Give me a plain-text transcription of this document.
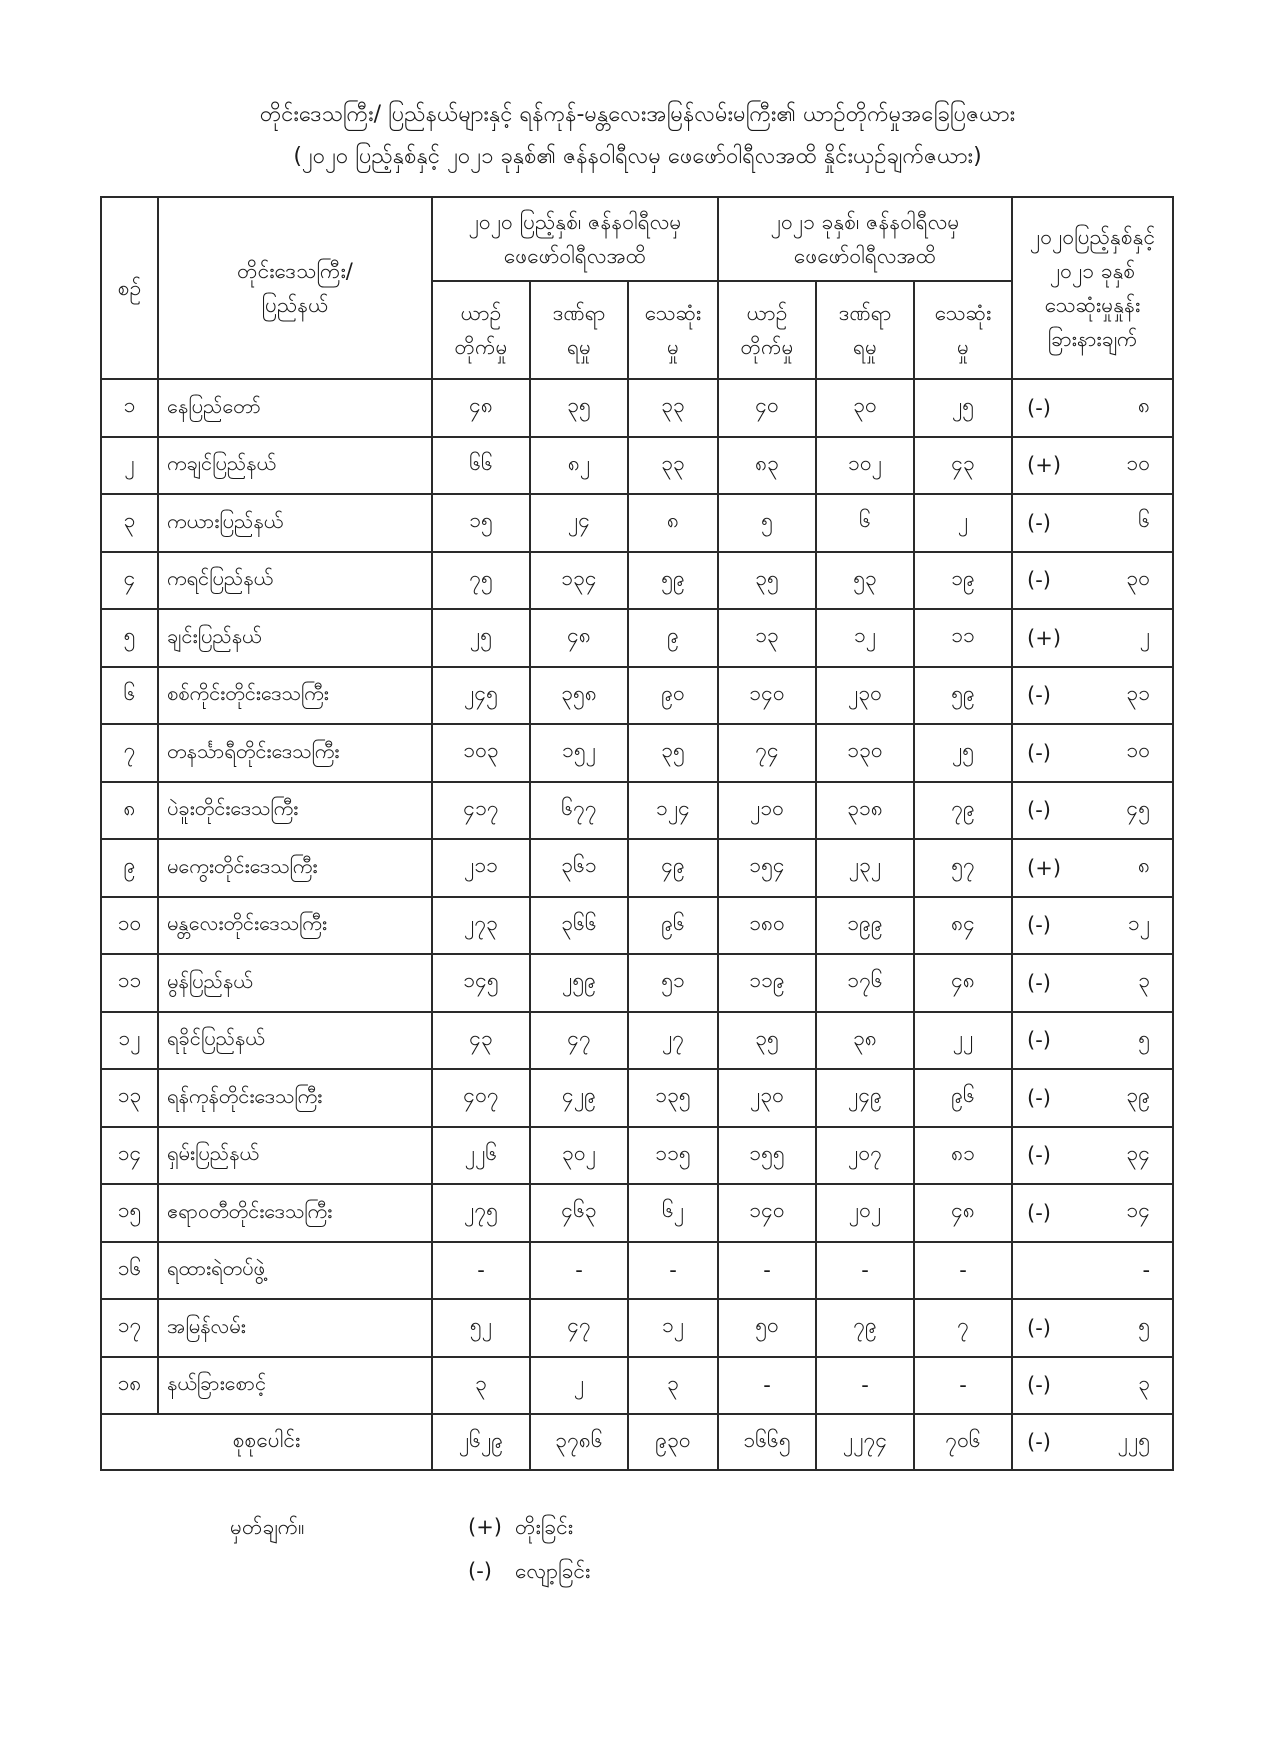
တိုင်းဒေသကြီး/ ပြည်နယ်များနှင့် ရန်ကုန်-မန္တလေးအမြန်လမ်းမကြီး၏ ယာဉ်တိုက်မှုအခြေပြဇယား
(၂၀၂၀ ပြည့်နှစ်နှင့် ၂၀၂၁ ခုနှစ်၏ ဇန်နဝါရီလမှ ဖေဖော်ဝါရီလအထိ နှိုင်းယှဉ်ချက်ဇယား)
စဉ်	တိုင်းဒေသကြီး/ ပြည်နယ်	၂၀၂၀ ပြည့်နှစ်၊ ဇန်နဝါရီလမှ ဖေဖော်ဝါရီလအထိ			၂၀၂၁ ခုနှစ်၊ ဇန်နဝါရီလမှ ဖေဖော်ဝါရီလအထိ			၂၀၂၀ပြည့်နှစ်နှင့် ၂၀၂၁ ခုနှစ် သေဆုံးမှုနှုန်း ခြားနားချက်
		ယာဉ် တိုက်မှု	ဒဏ်ရာ ရမှု	သေဆုံး မှု	ယာဉ် တိုက်မှု	ဒဏ်ရာ ရမှု	သေဆုံး မှု	
၁	နေပြည်တော်	၄၈	၃၅	၃၃	၄၀	၃၀	၂၅	(-) ၈

၂	ကချင်ပြည်နယ်	၆၆	၈၂	၃၃	၈၃	၁၀၂	၄၃	(+) ၁၀

၃	ကယားပြည်နယ်	၁၅	၂၄	၈	၅	၆	၂	(-) ၆

၄	ကရင်ပြည်နယ်	၇၅	၁၃၄	၅၉	၃၅	၅၃	၁၉	(-) ၃၀

၅	ချင်းပြည်နယ်	၂၅	၄၈	၉	၁၃	၁၂	၁၁	(+) ၂

၆	စစ်ကိုင်းတိုင်းဒေသကြီး	၂၄၅	၃၅၈	၉၀	၁၄၀	၂၃၀	၅၉	(-) ၃၁

၇	တနင်္သာရီတိုင်းဒေသကြီး	၁၀၃	၁၅၂	၃၅	၇၄	၁၃၀	၂၅	(-) ၁၀

၈	ပဲခူးတိုင်းဒေသကြီး	၄၁၇	၆၇၇	၁၂၄	၂၁၀	၃၁၈	၇၉	(-) ၄၅

၉	မကွေးတိုင်းဒေသကြီး	၂၁၁	၃၆၁	၄၉	၁၅၄	၂၃၂	၅၇	(+) ၈

၁၀	မန္တလေးတိုင်းဒေသကြီး	၂၇၃	၃၆၆	၉၆	၁၈၀	၁၉၉	၈၄	(-) ၁၂

၁၁	မွန်ပြည်နယ်	၁၄၅	၂၅၉	၅၁	၁၁၉	၁၇၆	၄၈	(-) ၃

၁၂	ရခိုင်ပြည်နယ်	၄၃	၄၇	၂၇	၃၅	၃၈	၂၂	(-) ၅

၁၃	ရန်ကုန်တိုင်းဒေသကြီး	၄၀၇	၄၂၉	၁၃၅	၂၃၀	၂၄၉	၉၆	(-) ၃၉

၁၄	ရှမ်းပြည်နယ်	၂၂၆	၃၀၂	၁၁၅	၁၅၅	၂၀၇	၈၁	(-) ၃၄

၁၅	ဧရာဝတီတိုင်းဒေသကြီး	၂၇၅	၄၆၃	၆၂	၁၄၀	၂၀၂	၄၈	(-) ၁၄

၁၆	ရထားရဲတပ်ဖွဲ့	-	-	-	-	-	-	-

၁၇	အမြန်လမ်း	၅၂	၄၇	၁၂	၅၀	၇၉	၇	(-) ၅

၁၈	နယ်ခြားစောင့်	၃	၂	၃	-	-	-	(-) ၃

စုစုပေါင်း		၂၆၂၉	၃၇၈၆	၉၃၀	၁၆၆၅	၂၂၇၄	၇၀၆	(-) ၂၂၅
မှတ်ချက်။	(+) တိုးခြင်း
(-) လျော့ခြင်း
